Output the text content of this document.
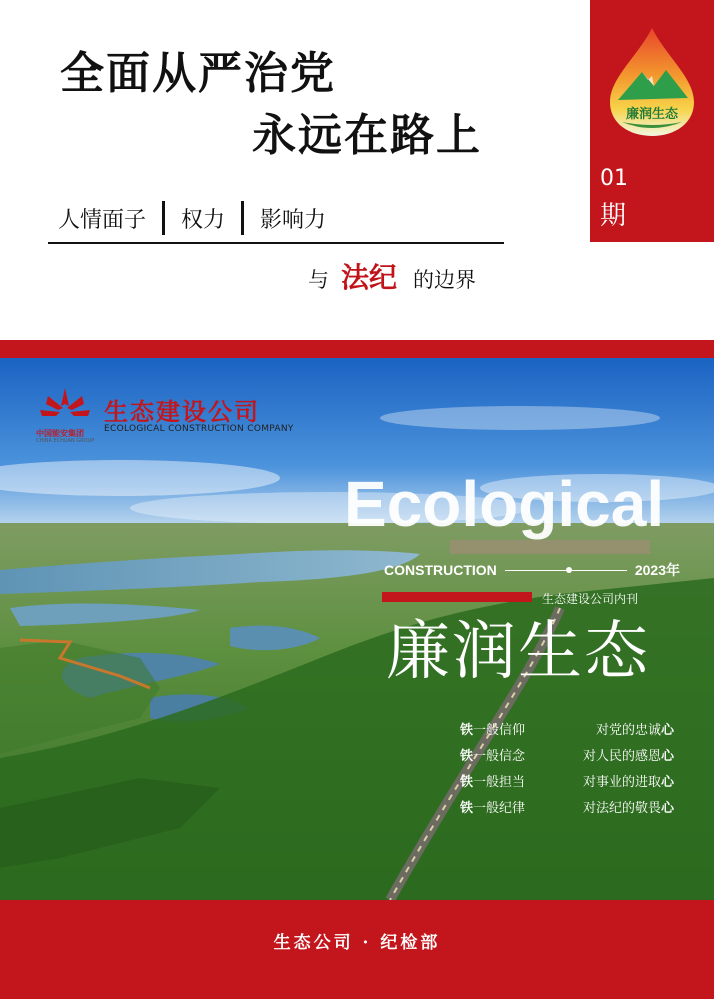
全面从严治党
永远在路上
人情面子 权力 影响力
与 法纪 的边界
廉润生态
01
期
中国能安集团
CHINA ECHUAN GROUP
生态建设公司
ECOLOGICAL CONSTRUCTION COMPANY
Ecological
CONSTRUCTION	2023年
生态建设公司内刊
廉润生态
铁一般信仰	对党的忠诚心
铁一般信念	对人民的感恩心
铁一般担当	对事业的进取心
铁一般纪律	对法纪的敬畏心
生态公司 · 纪检部
